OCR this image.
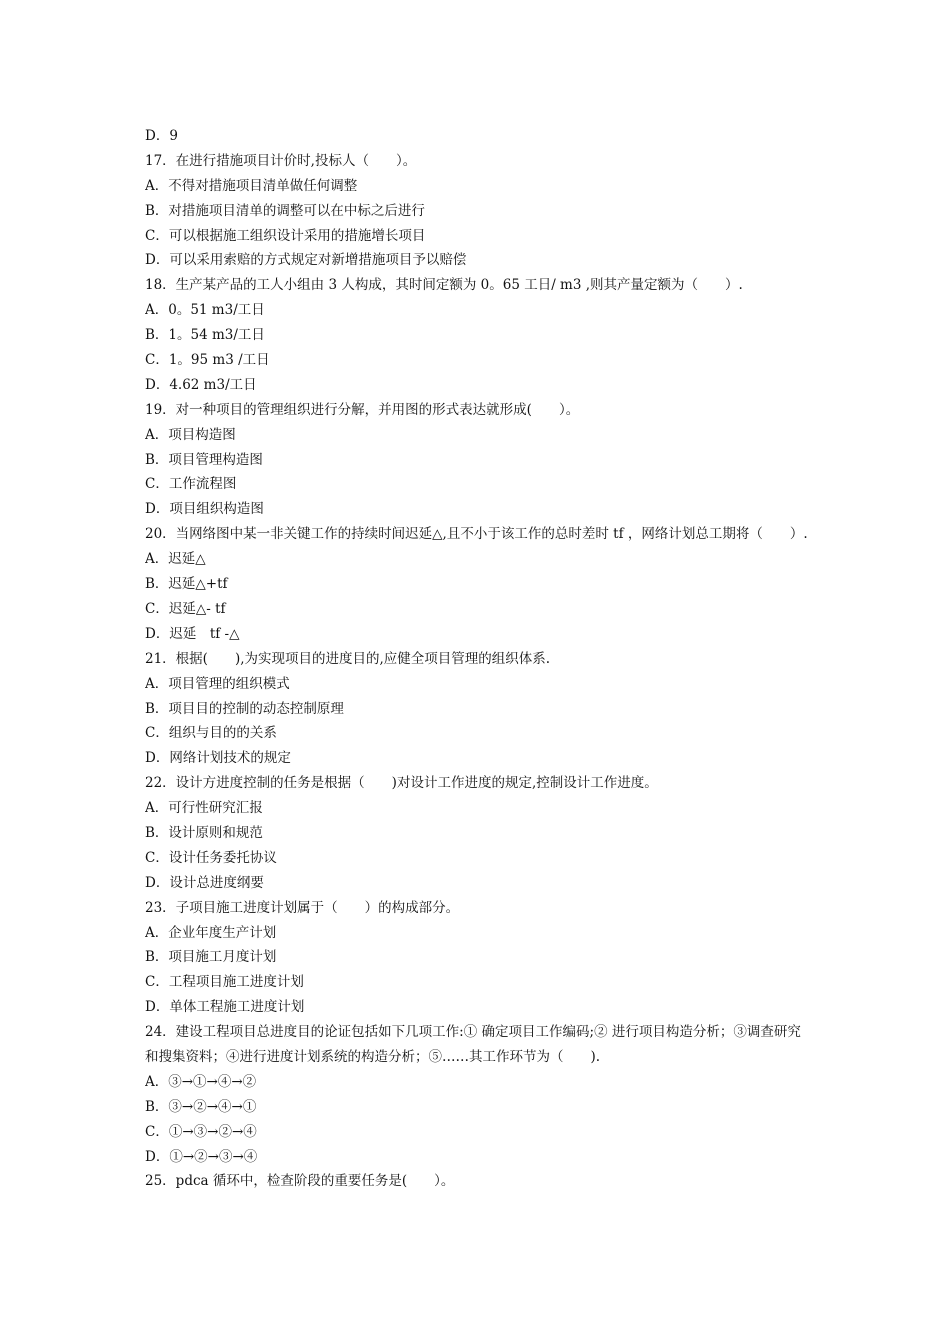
D．9
17．在进行措施项目计价时,投标人（　　）。
A．不得对措施项目清单做任何调整
B．对措施项目清单的调整可以在中标之后进行
C．可以根据施工组织设计采用的措施增长项目
D．可以采用索赔的方式规定对新增措施项目予以赔偿
18．生产某产品的工人小组由 3 人构成，其时间定额为 0。65 工日/ m3 ,则其产量定额为（　　）.
A．0。51 m3/工日
B．1。54 m3/工日
C．1。95 m3 /工日
D．4.62 m3/工日
19．对一种项目的管理组织进行分解，并用图的形式表达就形成(　　）。
A．项目构造图
B．项目管理构造图
C．工作流程图
D．项目组织构造图
20．当网络图中某一非关键工作的持续时间迟延△,且不小于该工作的总时差时 tf ，网络计划总工期将（　　）.
A．迟延△
B．迟延△+tf
C．迟延△- tf
D．迟延　tf -△
21．根据(　　),为实现项目的进度目的,应健全项目管理的组织体系.
A．项目管理的组织模式
B．项目目的控制的动态控制原理
C．组织与目的的关系
D．网络计划技术的规定
22．设计方进度控制的任务是根据（　　)对设计工作进度的规定,控制设计工作进度。
A．可行性研究汇报
B．设计原则和规范
C．设计任务委托协议
D．设计总进度纲要
23．子项目施工进度计划属于（　　）的构成部分。
A．企业年度生产计划
B．项目施工月度计划
C．工程项目施工进度计划
D．单体工程施工进度计划
24．建设工程项目总进度目的论证包括如下几项工作:① 确定项目工作编码;② 进行项目构造分析；③调查研究和搜集资料；④进行进度计划系统的构造分析；⑤……其工作环节为（　　).
A．③→①→④→②
B．③→②→④→①
C．①→③→②→④
D．①→②→③→④
25．pdca 循环中，检查阶段的重要任务是(　　）。
